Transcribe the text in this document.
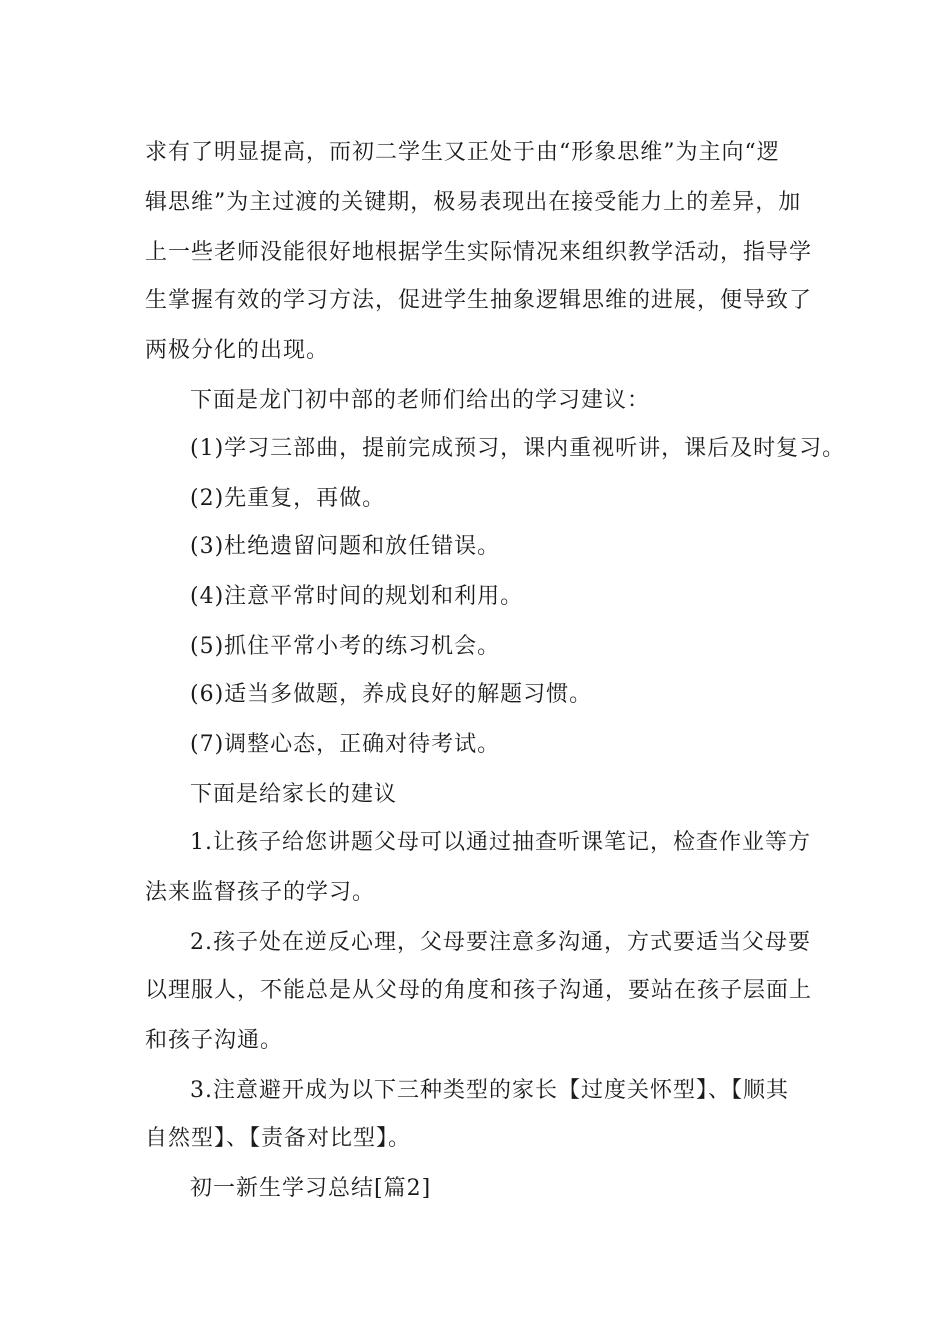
求有了明显提高，而初二学生又正处于由“形象思维”为主向“逻

辑思维”为主过渡的关键期，极易表现出在接受能力上的差异，加

上一些老师没能很好地根据学生实际情况来组织教学活动，指导学

生掌握有效的学习方法，促进学生抽象逻辑思维的进展，便导致了

两极分化的出现。

下面是龙门初中部的老师们给出的学习建议：

(1)学习三部曲，提前完成预习，课内重视听讲，课后及时复习。

(2)先重复，再做。

(3)杜绝遗留问题和放任错误。

(4)注意平常时间的规划和利用。

(5)抓住平常小考的练习机会。

(6)适当多做题，养成良好的解题习惯。

(7)调整心态，正确对待考试。

下面是给家长的建议

1.让孩子给您讲题父母可以通过抽查听课笔记，检查作业等方

法来监督孩子的学习。

2.孩子处在逆反心理，父母要注意多沟通，方式要适当父母要

以理服人，不能总是从父母的角度和孩子沟通，要站在孩子层面上

和孩子沟通。

3.注意避开成为以下三种类型的家长【过度关怀型】、【顺其

自然型】、【责备对比型】。

初一新生学习总结[篇2]
